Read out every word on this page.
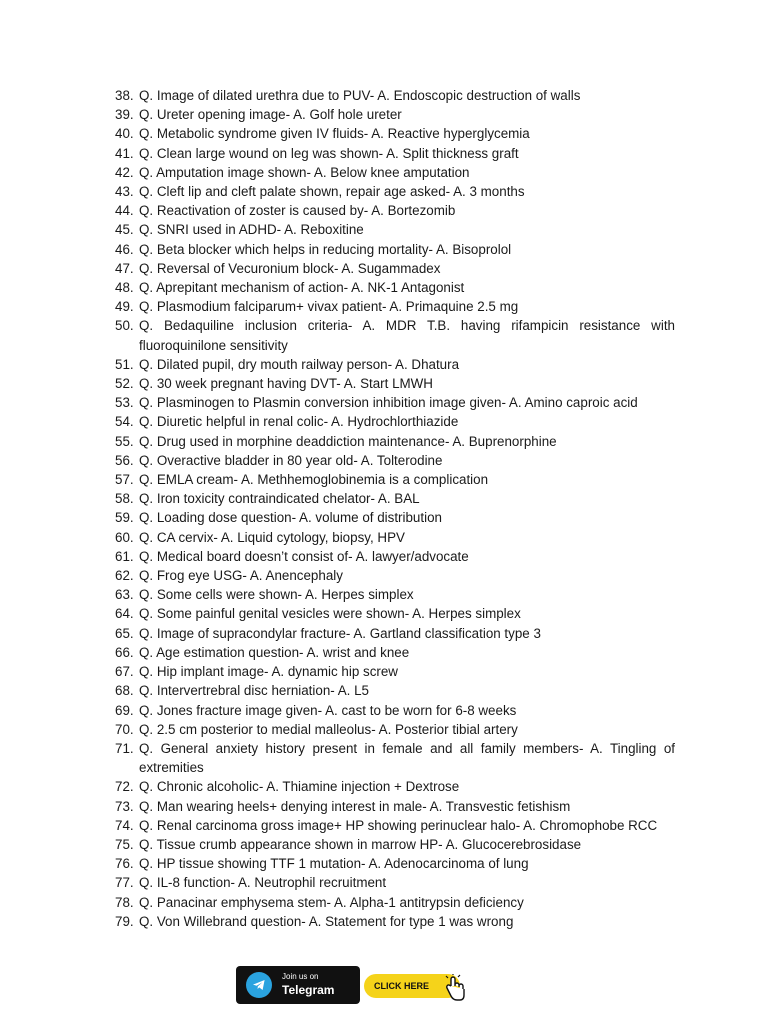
38. Q. Image of dilated urethra due to PUV- A. Endoscopic destruction of walls
39. Q. Ureter opening image- A. Golf hole ureter
40. Q. Metabolic syndrome given IV fluids- A. Reactive hyperglycemia
41. Q. Clean large wound on leg was shown- A. Split thickness graft
42. Q. Amputation image shown- A. Below knee amputation
43. Q. Cleft lip and cleft palate shown, repair age asked- A. 3 months
44. Q. Reactivation of zoster is caused by- A. Bortezomib
45. Q. SNRI used in ADHD- A. Reboxitine
46. Q. Beta blocker which helps in reducing mortality- A. Bisoprolol
47. Q. Reversal of Vecuronium block- A. Sugammadex
48. Q. Aprepitant mechanism of action- A. NK-1 Antagonist
49. Q. Plasmodium falciparum+ vivax patient- A. Primaquine 2.5 mg
50. Q. Bedaquiline inclusion criteria- A. MDR T.B. having rifampicin resistance with fluoroquinilone sensitivity
51. Q. Dilated pupil, dry mouth railway person- A. Dhatura
52. Q. 30 week pregnant having DVT- A. Start LMWH
53. Q. Plasminogen to Plasmin conversion inhibition image given- A. Amino caproic acid
54. Q. Diuretic helpful in renal colic- A. Hydrochlorthiazide
55. Q. Drug used in morphine deaddiction maintenance- A. Buprenorphine
56. Q. Overactive bladder in 80 year old- A. Tolterodine
57. Q. EMLA cream- A. Methhemoglobinemia is a complication
58. Q. Iron toxicity contraindicated chelator- A. BAL
59. Q. Loading dose question- A. volume of distribution
60. Q. CA cervix- A. Liquid cytology, biopsy, HPV
61. Q. Medical board doesn’t consist of- A. lawyer/advocate
62. Q. Frog eye USG- A. Anencephaly
63. Q. Some cells were shown- A. Herpes simplex
64. Q. Some painful genital vesicles were shown- A. Herpes simplex
65. Q. Image of supracondylar fracture- A. Gartland classification type 3
66. Q. Age estimation question- A. wrist and knee
67. Q. Hip implant image- A. dynamic hip screw
68. Q. Intervertrebral disc herniation- A. L5
69. Q. Jones fracture image given- A. cast to be worn for 6-8 weeks
70. Q. 2.5 cm posterior to medial malleolus- A. Posterior tibial artery
71. Q. General anxiety history present in female and all family members- A. Tingling of extremities
72. Q. Chronic alcoholic- A. Thiamine injection + Dextrose
73. Q. Man wearing heels+ denying interest in male- A. Transvestic fetishism
74. Q. Renal carcinoma gross image+ HP showing perinuclear halo- A. Chromophobe RCC
75. Q. Tissue crumb appearance shown in marrow HP- A. Glucocerebrosidase
76. Q. HP tissue showing TTF 1 mutation- A. Adenocarcinoma of lung
77. Q. IL-8 function- A. Neutrophil recruitment
78. Q. Panacinar emphysema stem- A. Alpha-1 antitrypsin deficiency
79. Q. Von Willebrand question- A. Statement for type 1 was wrong
Join us on
Telegram	CLICK HERE
